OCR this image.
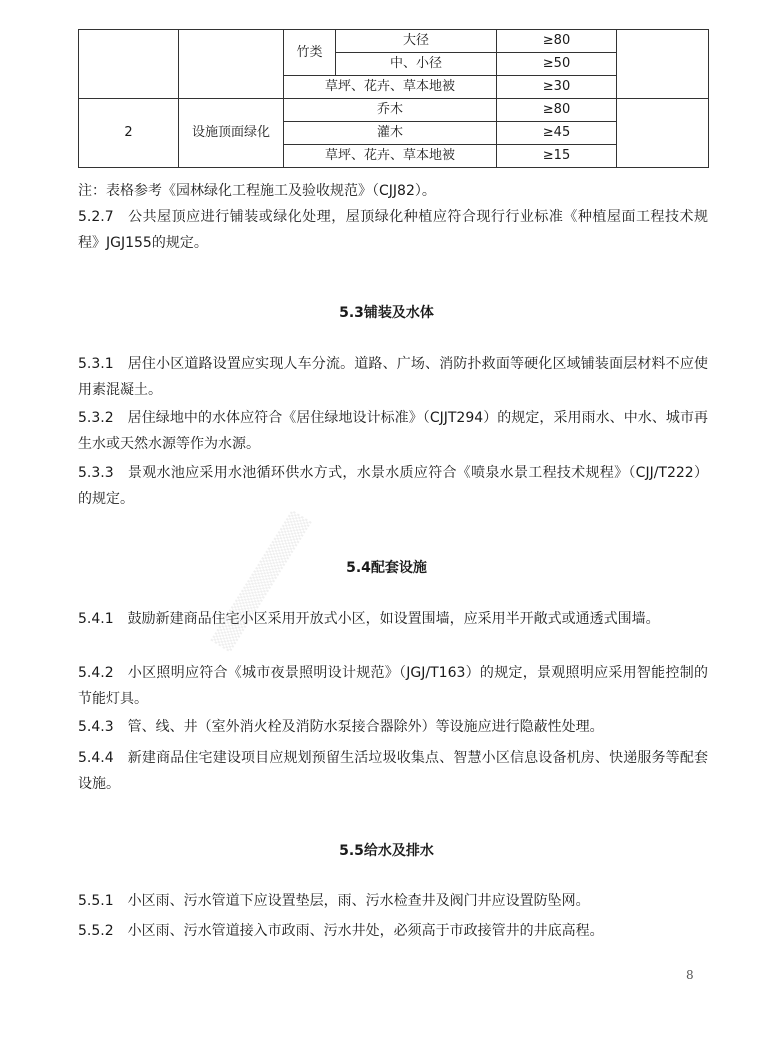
		竹类	大径	≥80	
			中、小径	≥50	
		草坪、花卉、草本地被		≥30	
2	设施顶面绿化	乔木		≥80	
		灌木		≥45	
		草坪、花卉、草本地被		≥15	
注：表格参考《园林绿化工程施工及验收规范》（CJJ82）。
5.2.7 公共屋顶应进行铺装或绿化处理，屋顶绿化种植应符合现行行业标准《种植屋面工程技术规程》JGJ155的规定。
5.3铺装及水体
5.3.1 居住小区道路设置应实现人车分流。道路、广场、消防扑救面等硬化区域铺装面层材料不应使用素混凝土。
5.3.2 居住绿地中的水体应符合《居住绿地设计标准》（CJJT294）的规定，采用雨水、中水、城市再生水或天然水源等作为水源。
5.3.3 景观水池应采用水池循环供水方式，水景水质应符合《喷泉水景工程技术规程》（CJJ/T222）的规定。
5.4配套设施
5.4.1 鼓励新建商品住宅小区采用开放式小区，如设置围墙，应采用半开敞式或通透式围墙。
5.4.2 小区照明应符合《城市夜景照明设计规范》（JGJ/T163）的规定，景观照明应采用智能控制的节能灯具。
5.4.3 管、线、井（室外消火栓及消防水泵接合器除外）等设施应进行隐蔽性处理。
5.4.4 新建商品住宅建设项目应规划预留生活垃圾收集点、智慧小区信息设备机房、快递服务等配套设施。
5.5给水及排水
5.5.1 小区雨、污水管道下应设置垫层，雨、污水检查井及阀门井应设置防坠网。
5.5.2 小区雨、污水管道接入市政雨、污水井处，必须高于市政接管井的井底高程。
8
▒▒▒▒▒▒▒▒▒▒
